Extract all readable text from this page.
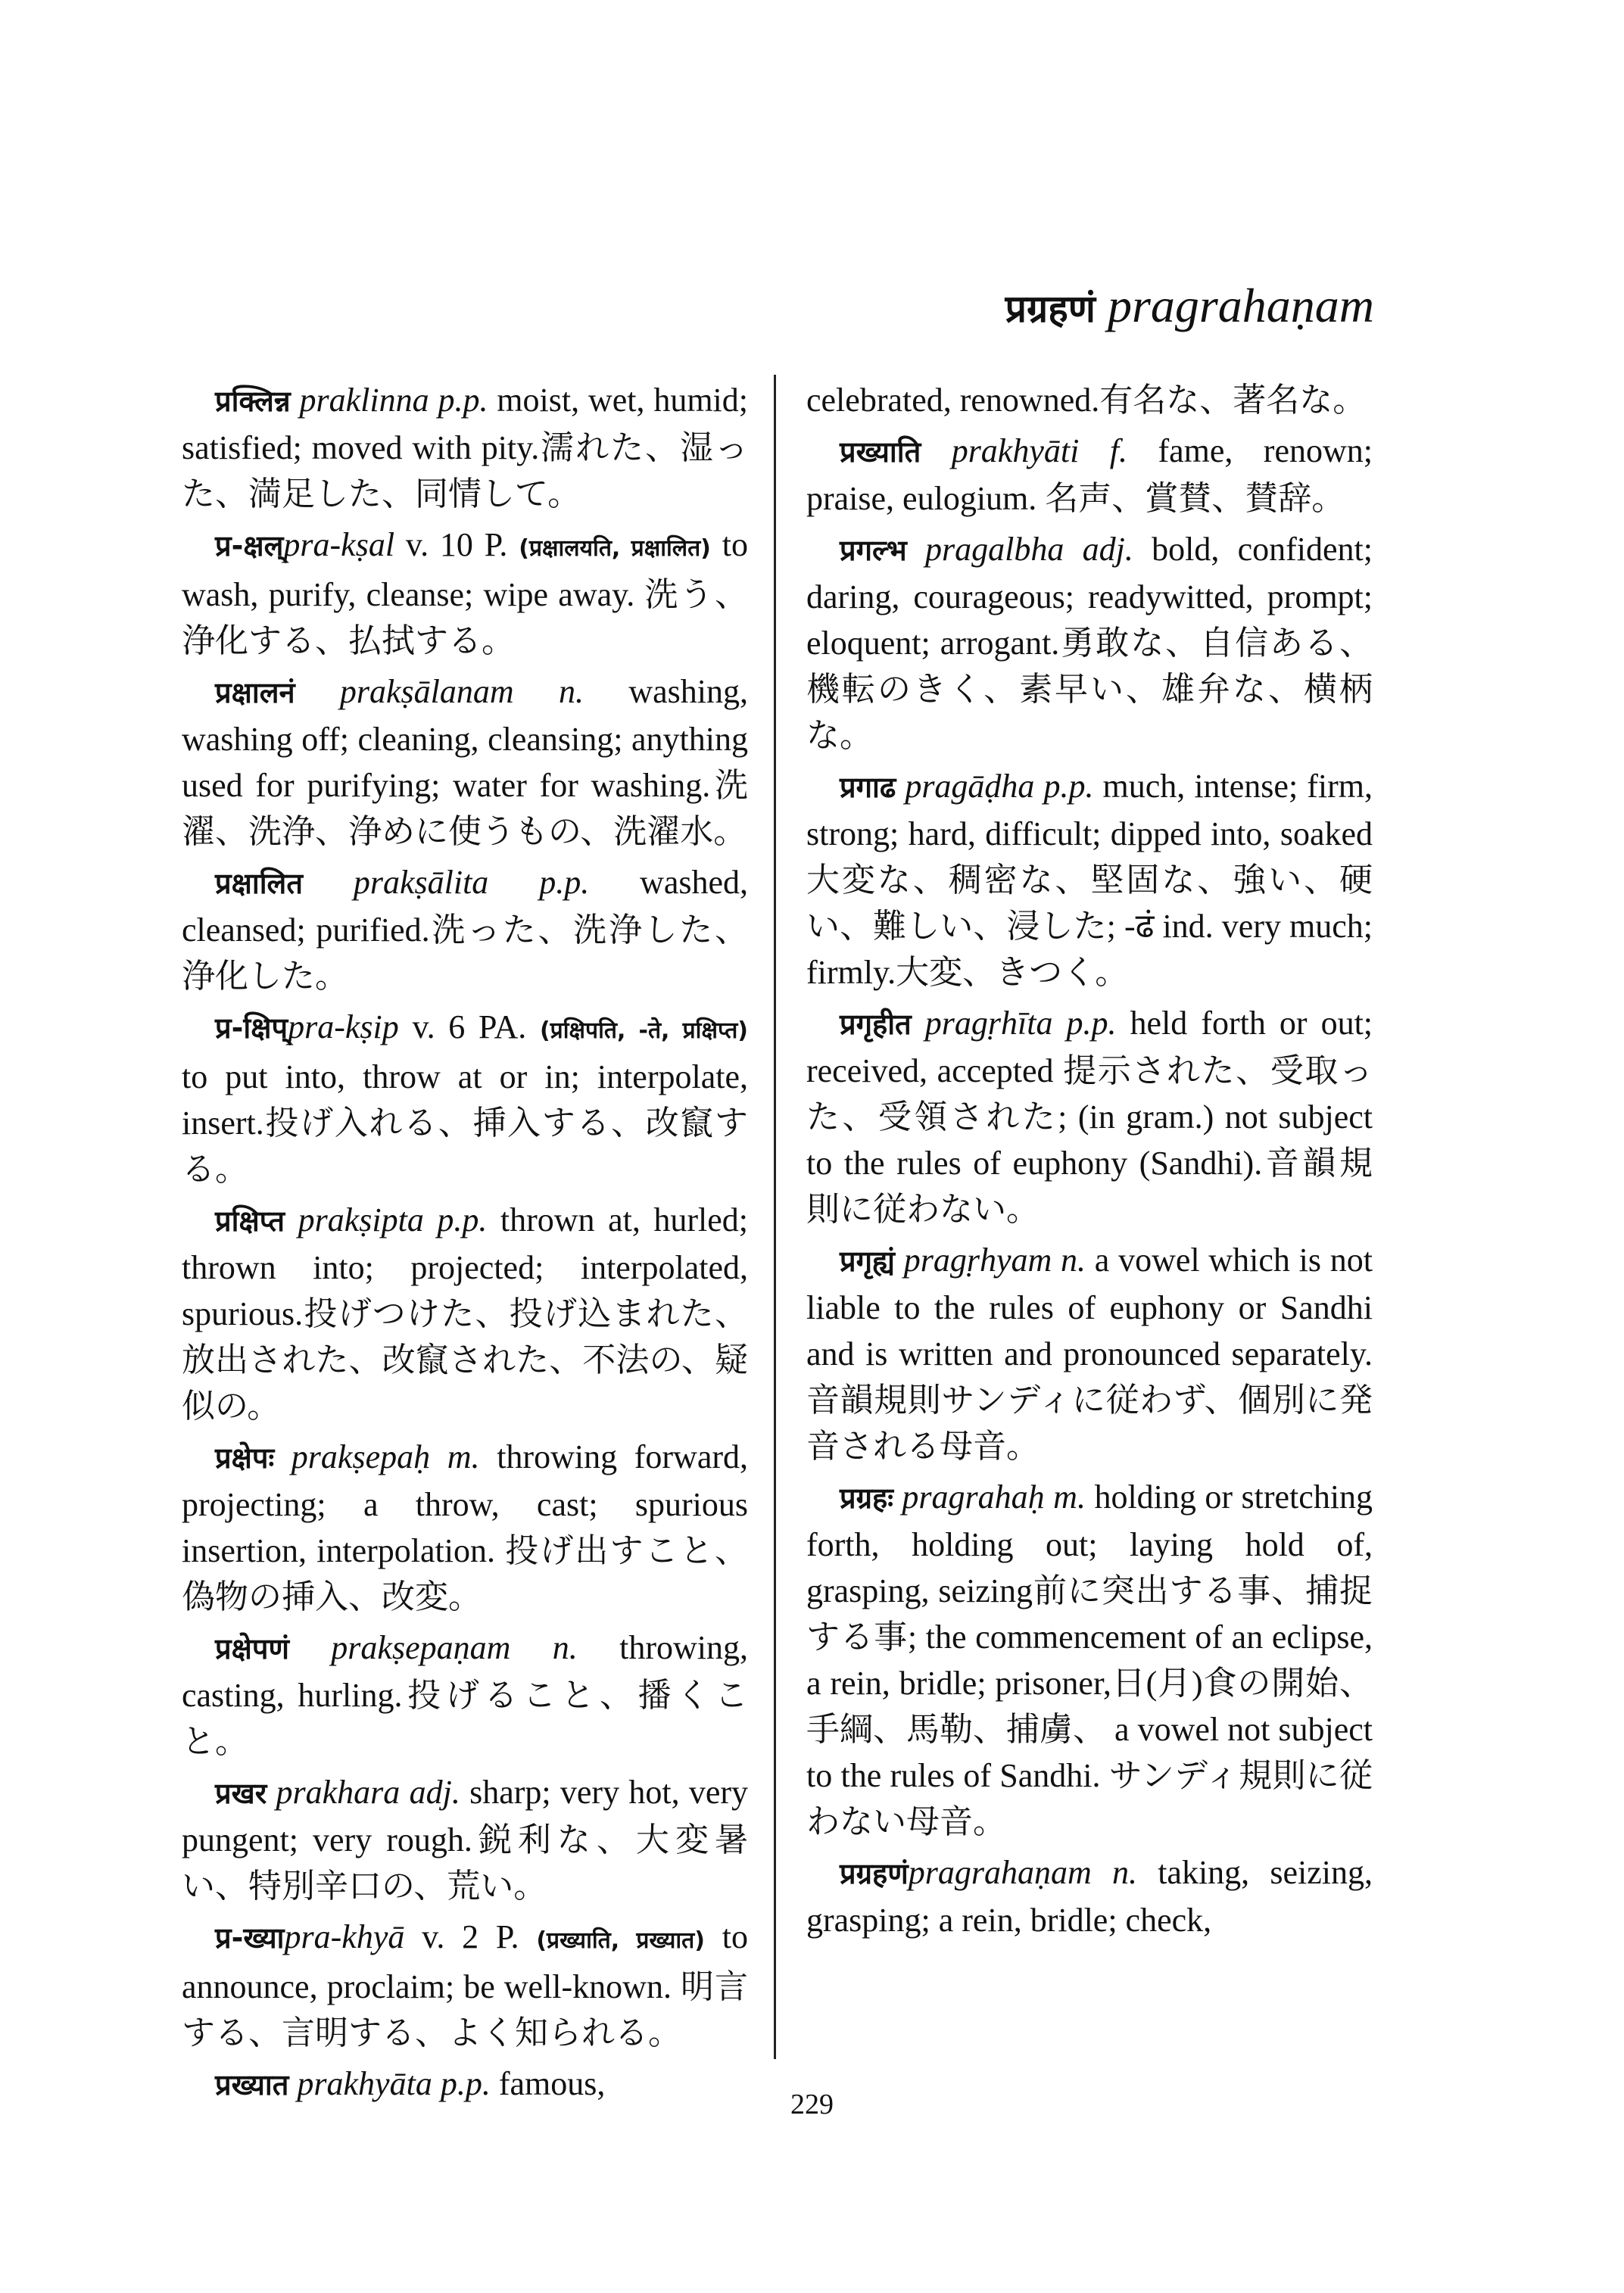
प्रग्रहणं pragrahaṇam

प्रक्लिन्न praklinna p.p. moist, wet, humid; satisfied; moved with pity.濡れた、湿った、満足した、同情して。

प्र-क्षल्pra-kṣal v. 10 P. (प्रक्षालयति, प्रक्षालित) to wash, purify, cleanse; wipe away. 洗う、浄化する、払拭する。

प्रक्षालनं prakṣālanam n. washing, washing off; cleaning, cleansing; anything used for purifying; water for washing.洗濯、洗浄、浄めに使うもの、洗濯水。

प्रक्षालित prakṣālita p.p. washed, cleansed; purified.洗った、洗浄した、浄化した。

प्र-क्षिप्pra-kṣip v. 6 PA. (प्रक्षिपति, -ते, प्रक्षिप्त) to put into, throw at or in; interpolate, insert.投げ入れる、挿入する、改竄する。

प्रक्षिप्त prakṣipta p.p. thrown at, hurled; thrown into; projected; interpolated, spurious.投げつけた、投げ込まれた、放出された、改竄された、不法の、疑似の。

प्रक्षेपः prakṣepaḥ m. throwing forward, projecting; a throw, cast; spurious insertion, interpolation. 投げ出すこと、偽物の挿入、改変。

प्रक्षेपणं prakṣepaṇam n. throwing, casting, hurling.投げること、播くこと。

प्रखर prakhara adj. sharp; very hot, very pungent; very rough.鋭利な、大変暑い、特別辛口の、荒い。

प्र-ख्याpra-khyā v. 2 P. (प्रख्याति, प्रख्यात) to announce, proclaim; be well-known. 明言する、言明する、よく知られる。

प्रख्यात prakhyāta p.p. famous,

celebrated, renowned.有名な、著名な。

प्रख्याति prakhyāti f. fame, renown; praise, eulogium. 名声、賞賛、賛辞。

प्रगल्भ pragalbha adj. bold, confident; daring, courageous; readywitted, prompt; eloquent; arrogant.勇敢な、自信ある、機転のきく、素早い、雄弁な、横柄な。

प्रगाढ pragāḍha p.p. much, intense; firm, strong; hard, difficult; dipped into, soaked大変な、稠密な、堅固な、強い、硬い、難しい、浸した; -ढं ind. very much; firmly.大変、きつく。

प्रगृहीत pragṛhīta p.p. held forth or out; received, accepted 提示された、受取った、受領された; (in gram.) not subject to the rules of euphony (Sandhi).音韻規則に従わない。

प्रगृह्यं pragṛhyam n. a vowel which is not liable to the rules of euphony or Sandhi and is written and pronounced separately.音韻規則サンディに従わず、個別に発音される母音。

प्रग्रहः pragrahaḥ m. holding or stretching forth, holding out; laying hold of, grasping, seizing前に突出する事、捕捉する事; the commencement of an eclipse, a rein, bridle; prisoner,日(月)食の開始、手綱、馬勒、捕虜、 a vowel not subject to the rules of Sandhi. サンディ規則に従わない母音。

प्रग्रहणंpragrahaṇam n. taking, seizing, grasping; a rein, bridle; check,

229
